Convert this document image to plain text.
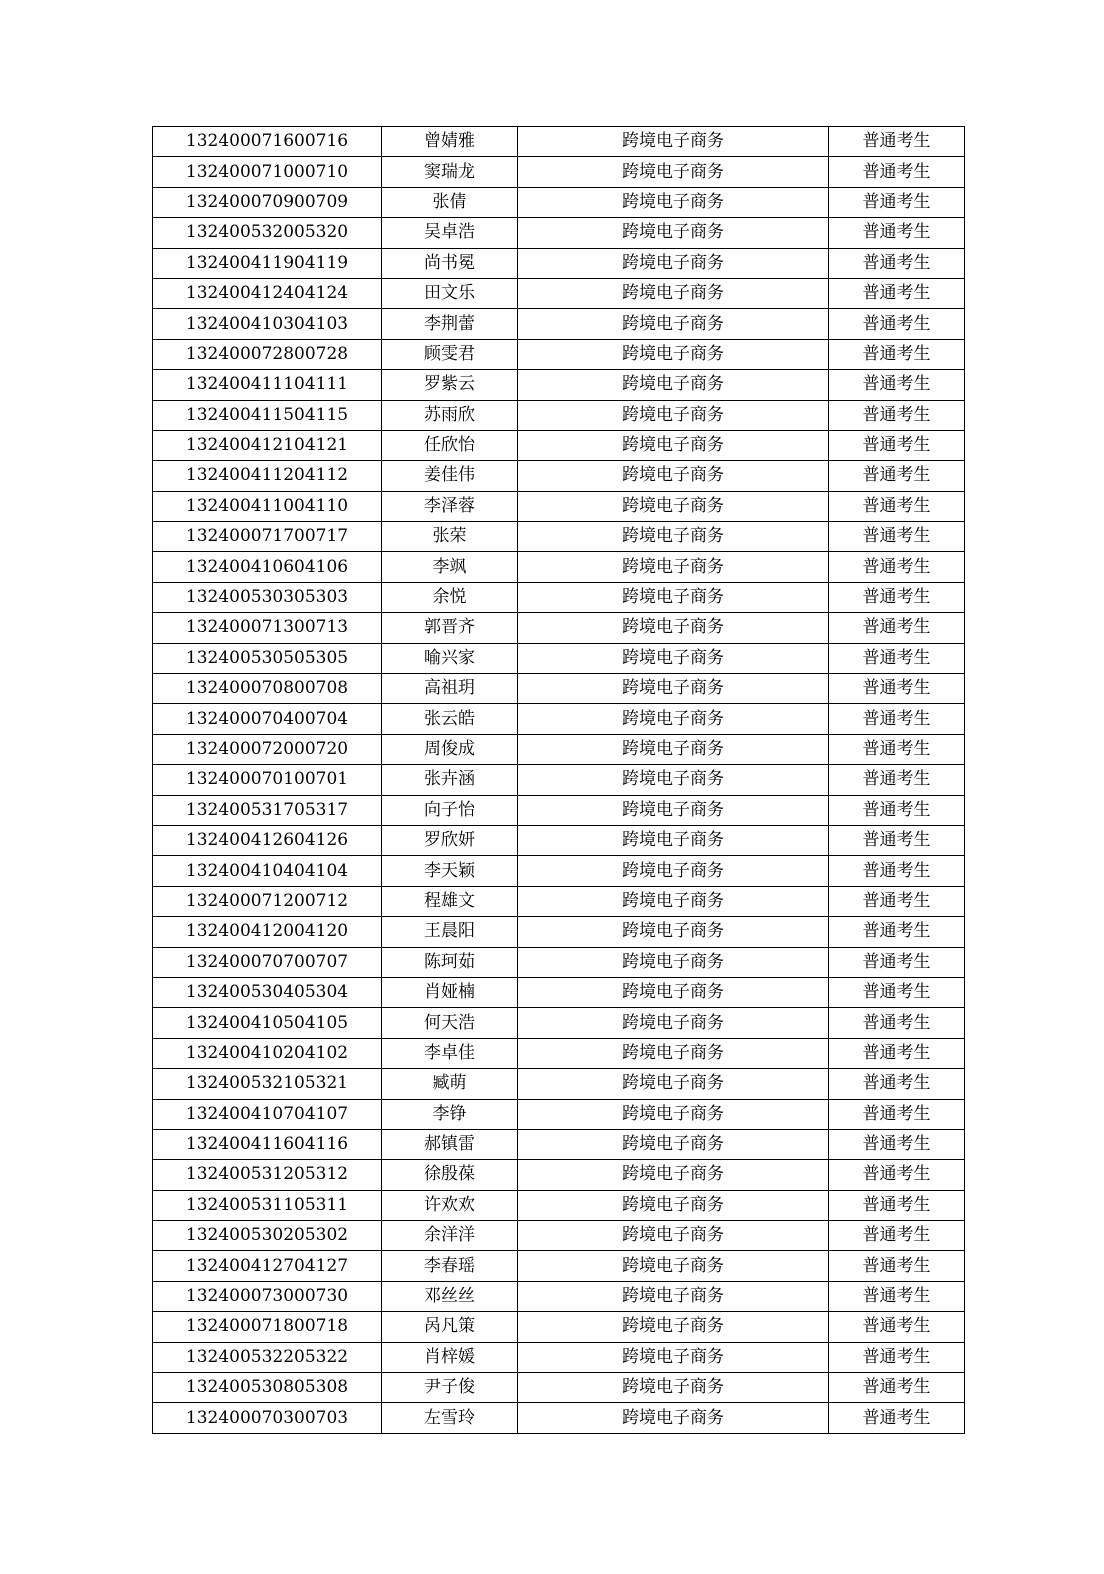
132400071600716	曾婧雅	跨境电子商务	普通考生
132400071000710	窦瑞龙	跨境电子商务	普通考生
132400070900709	张倩	跨境电子商务	普通考生
132400532005320	吴卓浩	跨境电子商务	普通考生
132400411904119	尚书冕	跨境电子商务	普通考生
132400412404124	田文乐	跨境电子商务	普通考生
132400410304103	李荆蕾	跨境电子商务	普通考生
132400072800728	顾雯君	跨境电子商务	普通考生
132400411104111	罗紫云	跨境电子商务	普通考生
132400411504115	苏雨欣	跨境电子商务	普通考生
132400412104121	任欣怡	跨境电子商务	普通考生
132400411204112	姜佳伟	跨境电子商务	普通考生
132400411004110	李泽蓉	跨境电子商务	普通考生
132400071700717	张荣	跨境电子商务	普通考生
132400410604106	李飒	跨境电子商务	普通考生
132400530305303	余悦	跨境电子商务	普通考生
132400071300713	郭晋齐	跨境电子商务	普通考生
132400530505305	喻兴家	跨境电子商务	普通考生
132400070800708	高祖玥	跨境电子商务	普通考生
132400070400704	张云皓	跨境电子商务	普通考生
132400072000720	周俊成	跨境电子商务	普通考生
132400070100701	张卉涵	跨境电子商务	普通考生
132400531705317	向子怡	跨境电子商务	普通考生
132400412604126	罗欣妍	跨境电子商务	普通考生
132400410404104	李天颖	跨境电子商务	普通考生
132400071200712	程雄文	跨境电子商务	普通考生
132400412004120	王晨阳	跨境电子商务	普通考生
132400070700707	陈珂茹	跨境电子商务	普通考生
132400530405304	肖娅楠	跨境电子商务	普通考生
132400410504105	何天浩	跨境电子商务	普通考生
132400410204102	李卓佳	跨境电子商务	普通考生
132400532105321	臧萌	跨境电子商务	普通考生
132400410704107	李铮	跨境电子商务	普通考生
132400411604116	郝镇雷	跨境电子商务	普通考生
132400531205312	徐殷葆	跨境电子商务	普通考生
132400531105311	许欢欢	跨境电子商务	普通考生
132400530205302	余洋洋	跨境电子商务	普通考生
132400412704127	李春瑶	跨境电子商务	普通考生
132400073000730	邓丝丝	跨境电子商务	普通考生
132400071800718	呙凡策	跨境电子商务	普通考生
132400532205322	肖梓媛	跨境电子商务	普通考生
132400530805308	尹子俊	跨境电子商务	普通考生
132400070300703	左雪玲	跨境电子商务	普通考生
